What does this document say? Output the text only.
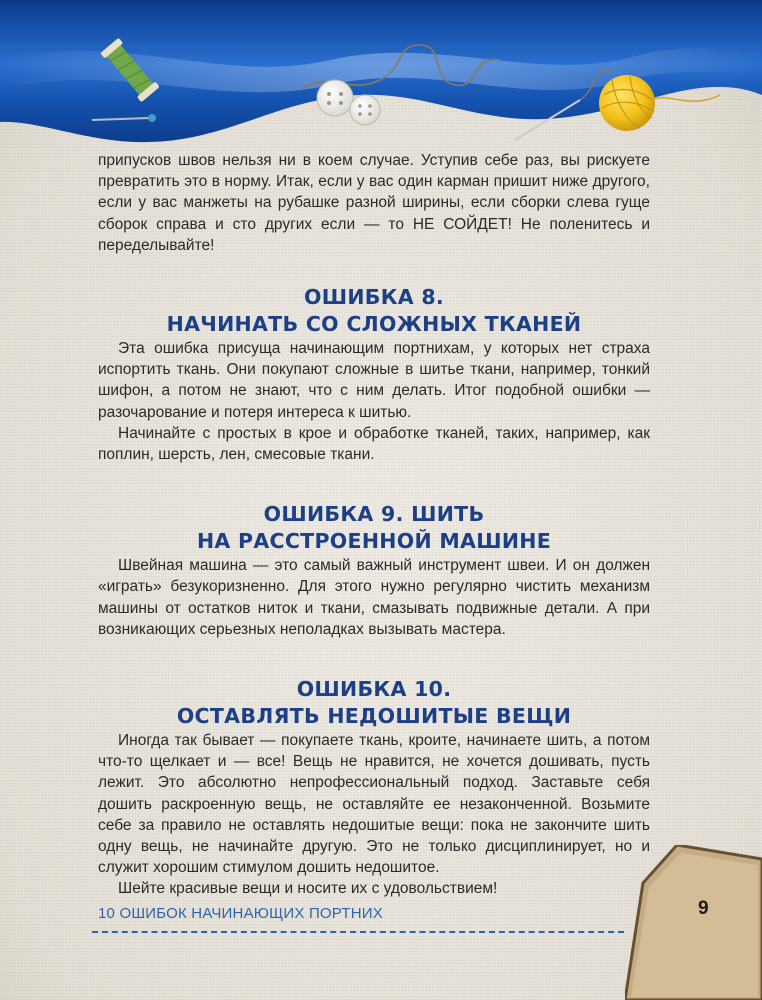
припусков швов нельзя ни в коем случае. Уступив себе раз, вы рискуете превратить это в норму. Итак, если у вас один карман пришит ниже другого, если у вас манжеты на рубашке разной ширины, если сборки слева гуще сборок справа и сто других если — то НЕ СОЙДЕТ! Не поленитесь и переделывайте!

ОШИБКА 8.
НАЧИНАТЬ СО СЛОЖНЫХ ТКАНЕЙ

Эта ошибка присуща начинающим портнихам, у которых нет страха испортить ткань. Они покупают сложные в шитье ткани, например, тонкий шифон, а потом не знают, что с ним делать. Итог подобной ошибки — разочарование и потеря интереса к шитью.

Начинайте с простых в крое и обработке тканей, таких, например, как поплин, шерсть, лен, смесовые ткани.

ОШИБКА 9. ШИТЬ
НА РАССТРОЕННОЙ МАШИНЕ

Швейная машина — это самый важный инструмент швеи. И он должен «играть» безукоризненно. Для этого нужно регулярно чистить механизм машины от остатков ниток и ткани, смазывать подвижные детали. А при возникающих серьезных неполадках вызывать мастера.

ОШИБКА 10.
ОСТАВЛЯТЬ НЕДОШИТЫЕ ВЕЩИ

Иногда так бывает — покупаете ткань, кроите, начинаете шить, а потом что-то щелкает и — все! Вещь не нравится, не хочется дошивать, пусть лежит. Это абсолютно непрофессиональный подход. Заставьте себя дошить раскроенную вещь, не оставляйте ее незаконченной. Возьмите себе за правило не оставлять недошитые вещи: пока не закончите шить одну вещь, не начинайте другую. Это не только дисциплинирует, но и служит хорошим стимулом дошить недошитое.

Шейте красивые вещи и носите их с удовольствием!

10 ОШИБОК НАЧИНАЮЩИХ ПОРТНИХ	9
